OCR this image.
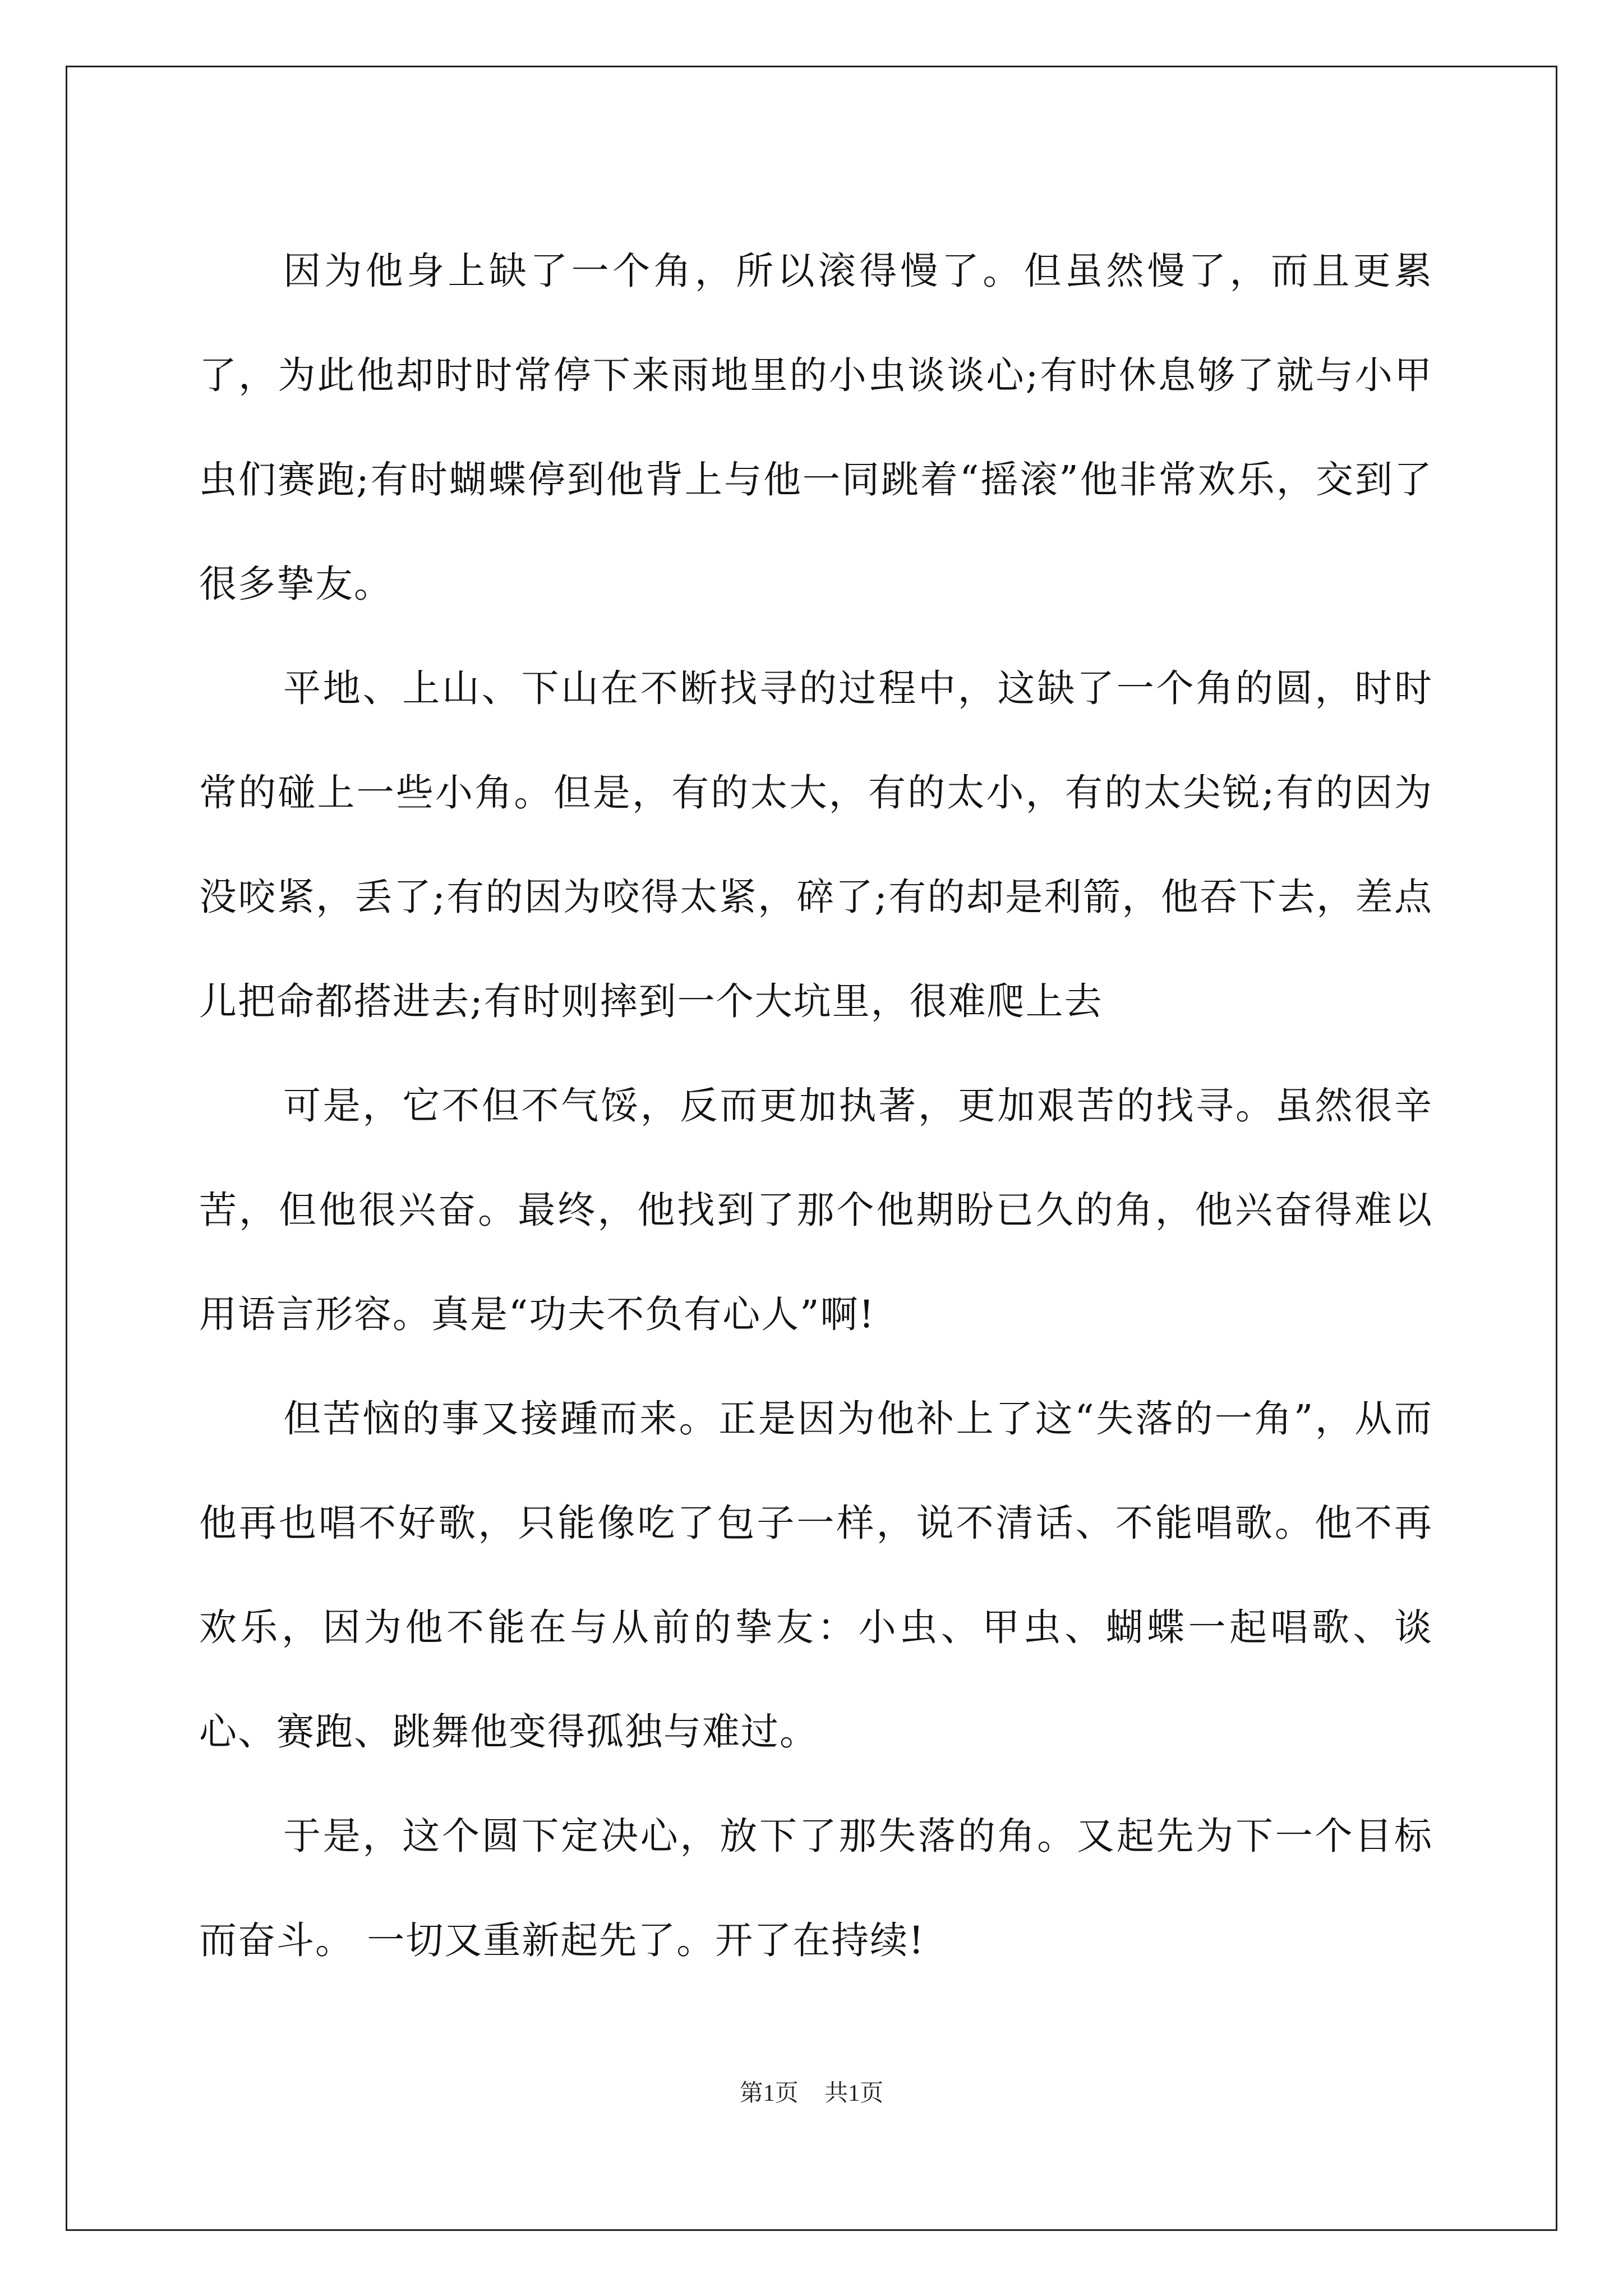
因为他身上缺了一个角，所以滚得慢了。但虽然慢了，而且更累了，为此他却时时常停下来雨地里的小虫谈谈心;有时休息够了就与小甲虫们赛跑;有时蝴蝶停到他背上与他一同跳着“摇滚”他非常欢乐，交到了很多挚友。

平地、上山、下山在不断找寻的过程中，这缺了一个角的圆，时时常的碰上一些小角。但是，有的太大，有的太小，有的太尖锐;有的因为没咬紧，丢了;有的因为咬得太紧，碎了;有的却是利箭，他吞下去，差点儿把命都搭进去;有时则摔到一个大坑里，很难爬上去

可是，它不但不气馁，反而更加执著，更加艰苦的找寻。虽然很辛苦，但他很兴奋。最终，他找到了那个他期盼已久的角，他兴奋得难以用语言形容。真是“功夫不负有心人”啊!

但苦恼的事又接踵而来。正是因为他补上了这“失落的一角”，从而他再也唱不好歌，只能像吃了包子一样，说不清话、不能唱歌。他不再欢乐，因为他不能在与从前的挚友：小虫、甲虫、蝴蝶一起唱歌、谈心、赛跑、跳舞他变得孤独与难过。

于是，这个圆下定决心，放下了那失落的角。又起先为下一个目标而奋斗。 一切又重新起先了。开了在持续!

第1页 共1页
